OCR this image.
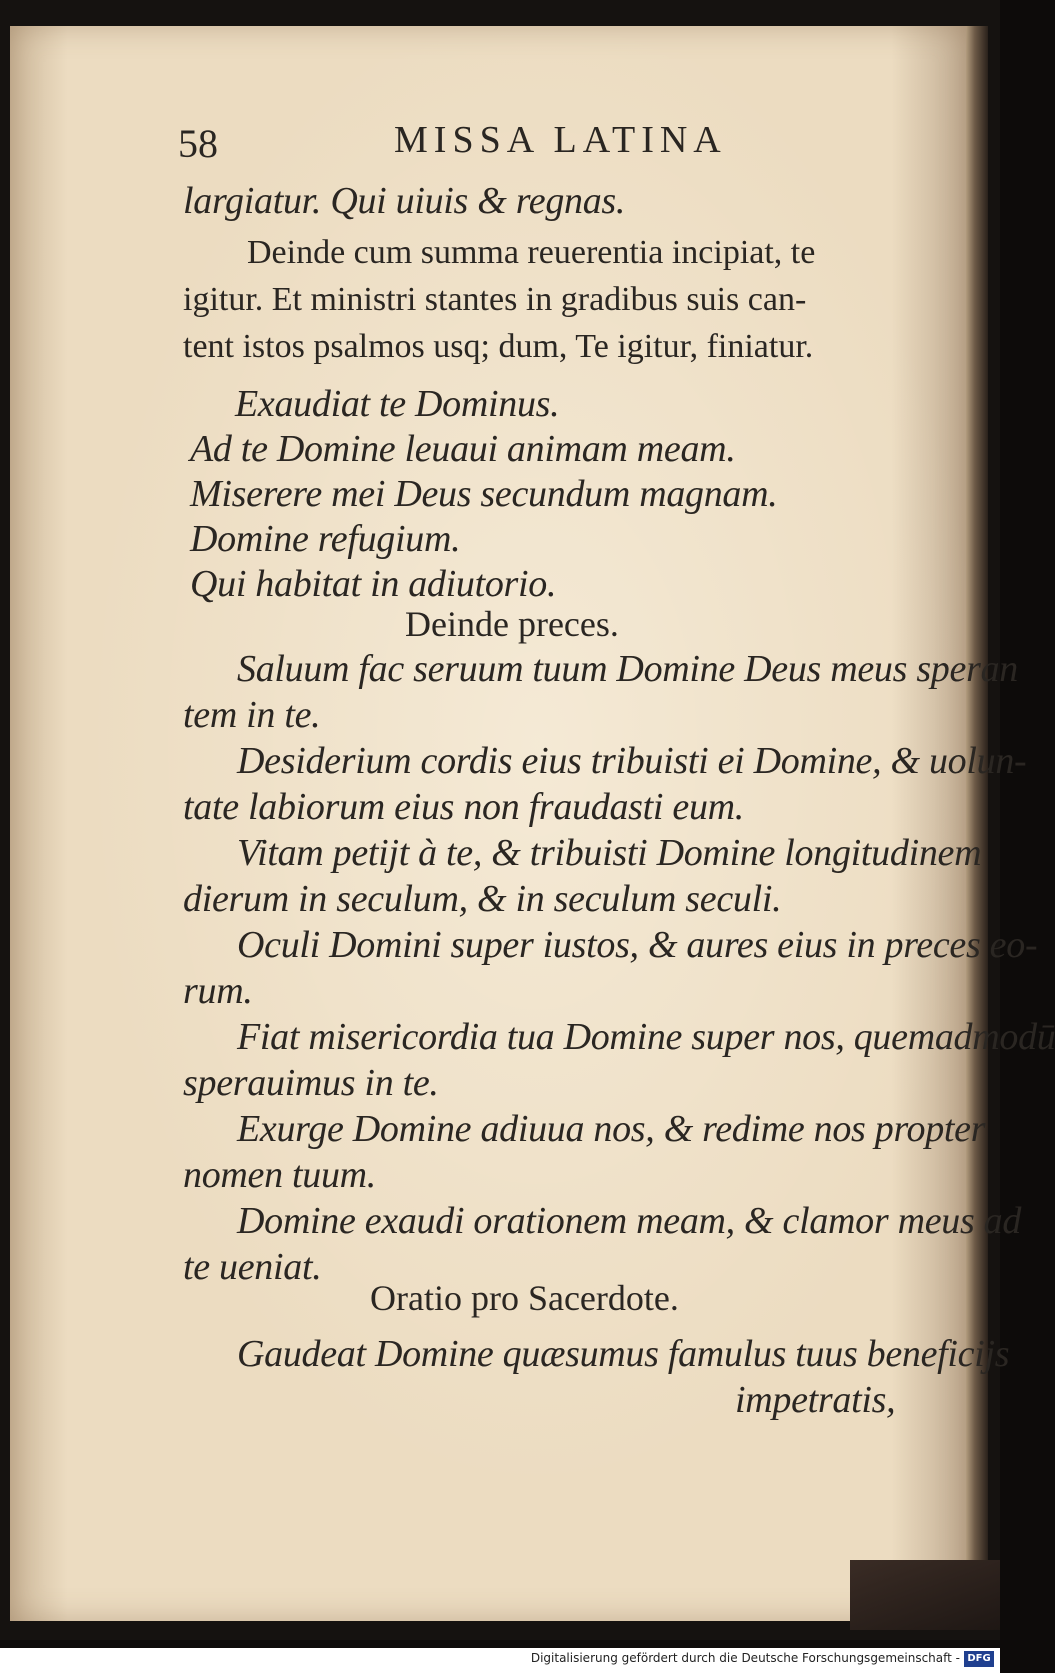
58	MISSA LATINA
largiatur. Qui uiuis & regnas.
Deinde cum summa reuerentia incipiat, te
igitur. Et ministri stantes in gradibus suis can-
tent istos psalmos usq; dum, Te igitur, finiatur.
Exaudiat te Dominus.
Ad te Domine leuaui animam meam.
Miserere mei Deus secundum magnam.
Domine refugium.
Qui habitat in adiutorio.
Saluum fac seruum tuum Domine Deus meus speran
tem in te.
Desiderium cordis eius tribuisti ei Domine, & uolun-
tate labiorum eius non fraudasti eum.
Vitam petijt à te, & tribuisti Domine longitudinem
dierum in seculum, & in seculum seculi.
Oculi Domini super iustos, & aures eius in preces eo-
rum.
Fiat misericordia tua Domine super nos, quemadmodū
sperauimus in te.
Exurge Domine adiuua nos, & redime nos propter
nomen tuum.
Domine exaudi orationem meam, & clamor meus ad
te ueniat.
Gaudeat Domine quæsumus famulus tuus beneficijs
impetratis,
Deinde preces.
Oratio pro Sacerdote.
Digitalisierung gefördert durch die Deutsche Forschungsgemeinschaft - DFG
